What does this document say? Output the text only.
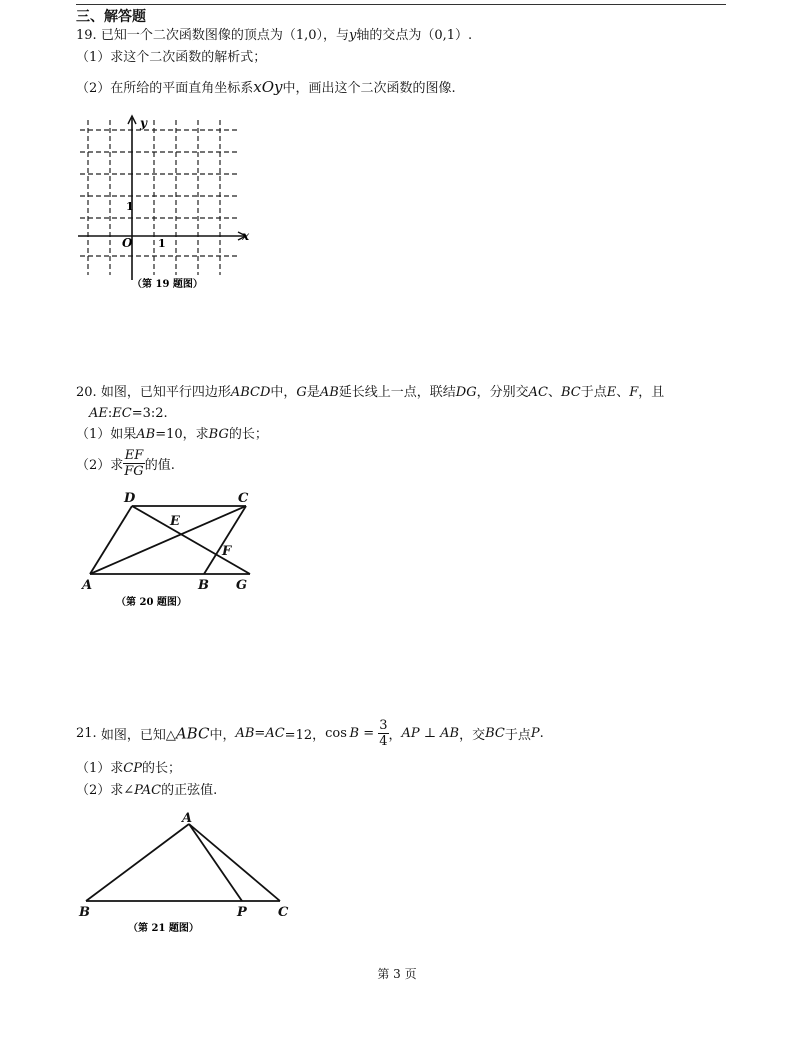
三、解答题
19. 已知一个二次函数图像的顶点为（1,0），与y轴的交点为（0,1）.
（1）求这个二次函数的解析式；
（2）在所给的平面直角坐标系xOy中，画出这个二次函数的图像.
y
x
O 1
1
（第 19 题图）
20. 如图，已知平行四边形ABCD中，G是AB延长线上一点，联结DG，分别交AC、BC于点E、F，且
AE:EC=3:2.
（1）如果AB=10，求BG的长；
（2）求 $\frac{EF}{FG}$ 的值.
D	C
E
F
A	B G
（第 20 题图）
21. 如图，已知△ABC中，AB=AC=12，$\cos B = \frac{3}{4}$ ，AP ⊥ AB，交BC于点P.
（1）求CP的长；
（2）求∠PAC的正弦值.
A
B	P C
（第 21 题图）
第 3 页
